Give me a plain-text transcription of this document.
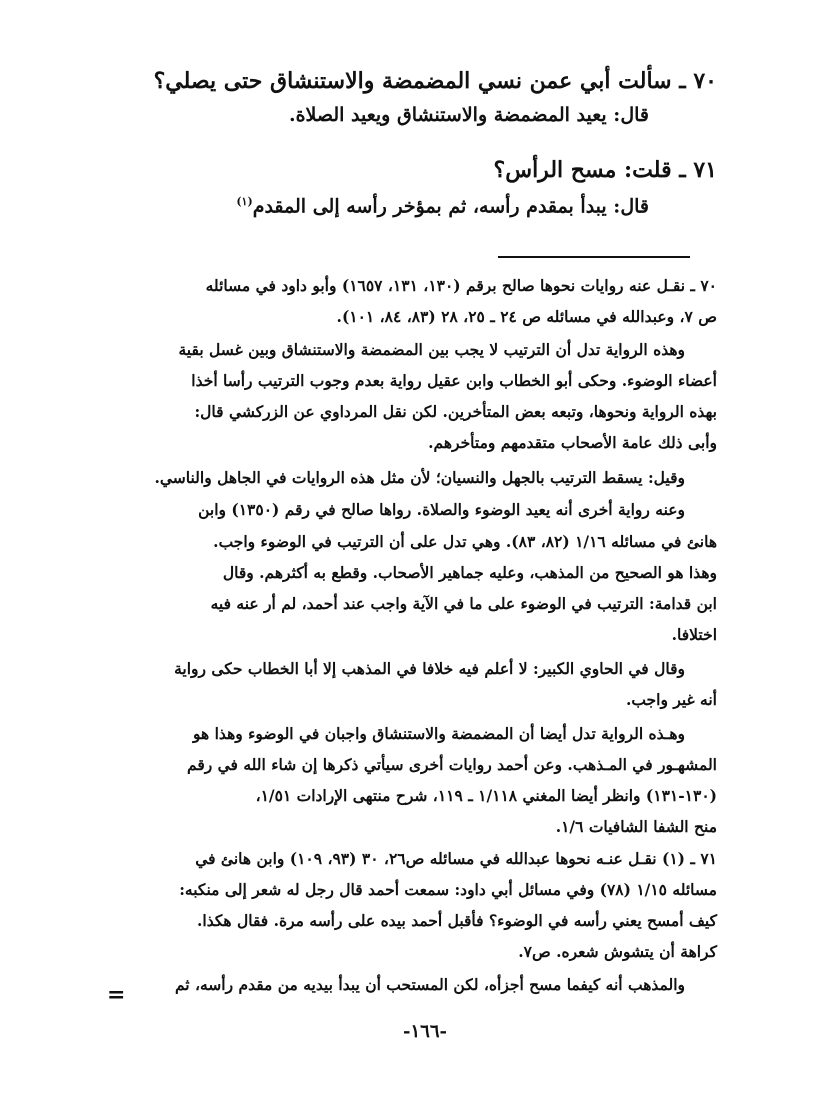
٧٠ ـ سألت أبي عمن نسي المضمضة والاستنشاق حتى يصلي؟
قال: يعيد المضمضة والاستنشاق ويعيد الصلاة.
٧١ ـ قلت: مسح الرأس؟
قال: يبدأ بمقدم رأسه، ثم بمؤخر رأسه إلى المقدم$^{(١)}$
٧٠ ـ نقـل عنه روايات نحوها صالح برقم (١٣٠، ١٣١، ١٦٥٧) وأبو داود في مسائله
ص ٧، وعبدالله في مسائله ص ٢٤ ـ ٢٥، ٢٨ (٨٣، ٨٤، ١٠١).
وهذه الرواية تدل أن الترتيب لا يجب بين المضمضة والاستنشاق وبين غسل بقية
أعضاء الوضوء. وحكى أبو الخطاب وابن عقيل رواية بعدم وجوب الترتيب رأسا أخذا
بهذه الرواية ونحوها، وتبعه بعض المتأخرين. لكن نقل المرداوي عن الزركشي قال:
وأبى ذلك عامة الأصحاب متقدمهم ومتأخرهم.
وقيل: يسقط الترتيب بالجهل والنسيان؛ لأن مثل هذه الروايات في الجاهل والناسي.
وعنه رواية أخرى أنه يعيد الوضوء والصلاة. رواها صالح في رقم (١٣٥٠) وابن
هانئ في مسائله ١/١٦ (٨٢، ٨٣). وهي تدل على أن الترتيب في الوضوء واجب.
وهذا هو الصحيح من المذهب، وعليه جماهير الأصحاب. وقطع به أكثرهم. وقال
ابن قدامة: الترتيب في الوضوء على ما في الآية واجب عند أحمد، لم أر عنه فيه
اختلافا.
وقال في الحاوي الكبير: لا أعلم فيه خلافا في المذهب إلا أبا الخطاب حكى رواية
أنه غير واجب.
وهـذه الرواية تدل أيضا أن المضمضة والاستنشاق واجبان في الوضوء وهذا هو
المشهـور في المـذهب. وعن أحمد روايات أخرى سيأتي ذكرها إن شاء الله في رقم
(١٣٠-١٣١) وانظر أيضا المغني ١/١١٨ ـ ١١٩، شرح منتهى الإرادات ١/٥١،
منح الشفا الشافيات ١/٦.
٧١ ـ (١) نقـل عنـه نحوها عبدالله في مسائله ص٢٦، ٣٠ (٩٣، ١٠٩) وابن هانئ في
مسائله ١/١٥ (٧٨) وفي مسائل أبي داود: سمعت أحمد قال رجل له شعر إلى منكبه:
كيف أمسح يعني رأسه في الوضوء؟ فأقبل أحمد بيده على رأسه مرة. فقال هكذا.
كراهة أن يتشوش شعره. ص٧.
والمذهب أنه كيفما مسح أجزأه، لكن المستحب أن يبدأ بيديه من مقدم رأسه، ثم
=
-١٦٦-
